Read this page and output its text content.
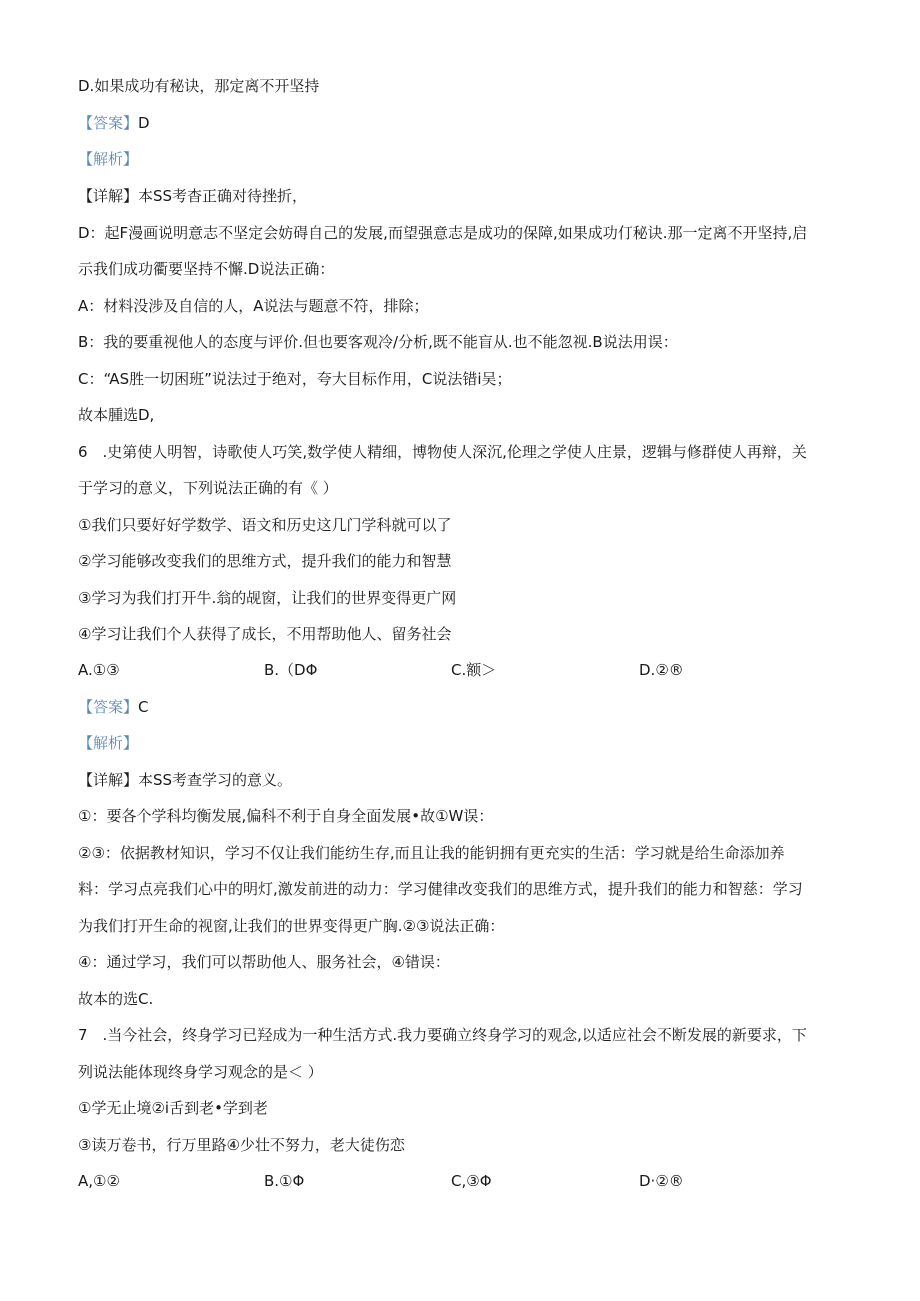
D.如果成功有秘诀，那定离不开坚持
【答案】D
【解析】
【详解】本SS考杳正确对待挫折，
D：起F漫画说明意志不坚定会妨碍自己的发展,而望强意志是成功的保障,如果成功仃秘诀.那一定离不开坚持,启
示我们成功衢要坚持不懈.D说法正确：
A：材料没涉及自信的人，A说法与题意不符，排除；
B：我的要重视他人的态度与评价.但也要客观冷/分析,既不能盲从.也不能忽视.B说法用误：
C：“AS胜一切困班”说法过于绝对，夸大目标作用，C说法错i吴；
故本腫选D,
6　.史第使人明智，诗歌使人巧笑,数学使人精细，博物使人深沉,伦理之学使人庄景，逻辑与修群使人再辩，关
于学习的意义，下列说法正确的有《 ）
①我们只要好好学数学、语文和历史这几门学科就可以了
②学习能够改变我们的思维方式，提升我们的能力和智慧
③学习为我们打开牛.翁的觇窗，让我们的世界变得更广网
④学习让我们个人获得了成长，不用帮助他人、留务社会
A.①③	B.（DΦ	C.额＞	D.②®
【答案】C
【解析】
【详解】本SS考查学习的意义。
①：要各个学科均衡发展,偏科不利于自身全面发展•故①W误：
②③：依据教材知识，学习不仅让我们能纺生存,而且让我的能钥拥有更充实的生活：学习就是给生命添加养
料：学习点亮我们心中的明灯,激发前进的动力：学习健律改变我们的思维方式，提升我们的能力和智慈：学习
为我们打开生命的视窗,让我们的世界变得更广胸.②③说法正确：
④：通过学习，我们可以帮助他人、服务社会，④错误：
故本的选C.
7　.当今社会，终身学习已羟成为一种生活方式.我力要确立终身学习的观念,以适应社会不断发展的新要求，下
列说法能体现终身学习观念的是＜ ）
①学无止境②i舌到老•学到老
③读万卷书，行万里路④少壮不努力，老大徒伤恋
A,①②	B.①Φ	C,③Φ	D·②®
